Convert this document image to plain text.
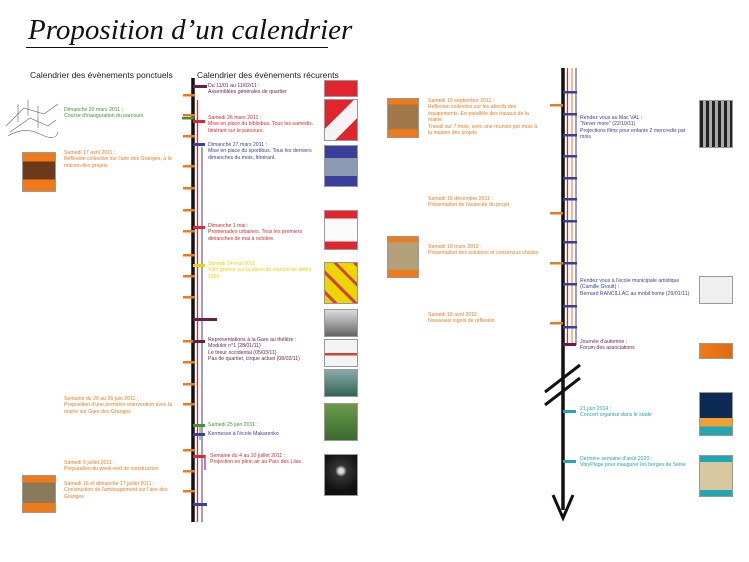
Proposition d’un calendrier
Calendrier des évènements ponctuels	Calendrier des évènements récurents
Dimanche 20 mars 2011 :
Course d'inauguration du parcours
Samedi 17 avril 2011 :
Réflexion collective sur l'aire des Granges, à la maison des projets
Semaine du 20 au 26 juin 2011 :
Proposition d'une première intervention avec la mairie sur Gare des Granges
Samedi 9 juillet 2011 :
Préparation du week-end de construction
Samedi 16 et dimanche 17 juillet 2011 :
Construction de l'aménagement sur l'aire des Granges
Du 11/01 au 11/02/11 :
Assemblées générales de quartier
Samedi 26 mars 2011 :
Mise en place du bibliobus. Tous les samedis. Itinérant sur le parcours.
Dimanche 27 mars 2011 :
Mise en place du sportibus. Tous les derniers dimanches du mois. Itinérant.
Dimanche 1 mai :
Promenades urbaines. Tous les premiers dimanches de mai à octobre.
Samedi 14 mai 2011 :
Vide grenier sur la place du marché de début 1980
Représentations à la Gare au théâtre :
Modulor n°1 (28/01/11)
Le tireur occidental (05/03/11)
Pas de quartier, cirque actuel (08/02/11)
Samedi 25 juin 2011 :
Kermesse à l'école Makarenko
Semaine du 4 au 10 juillet 2011 :
Projection en plein air au Parc des Lilas
Samedi 10 septembre 2011 :
Réflexion collective sur les abords des équipements. En parallèle des travaux de la mairie.
Travail sur 7 mois, avec une réunion par mois à la maison des projets
Samedi 16 décembre 2011 :
Présentation de l'avancée du projet
Samedi 10 mars 2012 :
Présentation des solutions et consensus choisis
Samedi 16 avril 2012 :
Nouveaux sujets de réflexion
Rendez vous au Mac VAL :
"Never more" (22/10/11)
Projections films pour enfants 2 mercredis par mois
Rendez vous à l'école municipale artistique (Camille Groult) :
Bernard RANCILLAC au mobil home (29/01/11)
Journée d'automne :
Forum des associations
21 juin 2014 :
Concert organisé dans le stade
Dernière semaine d'août 2020 :
VitryPlage pour inaugurer les berges de Seine
